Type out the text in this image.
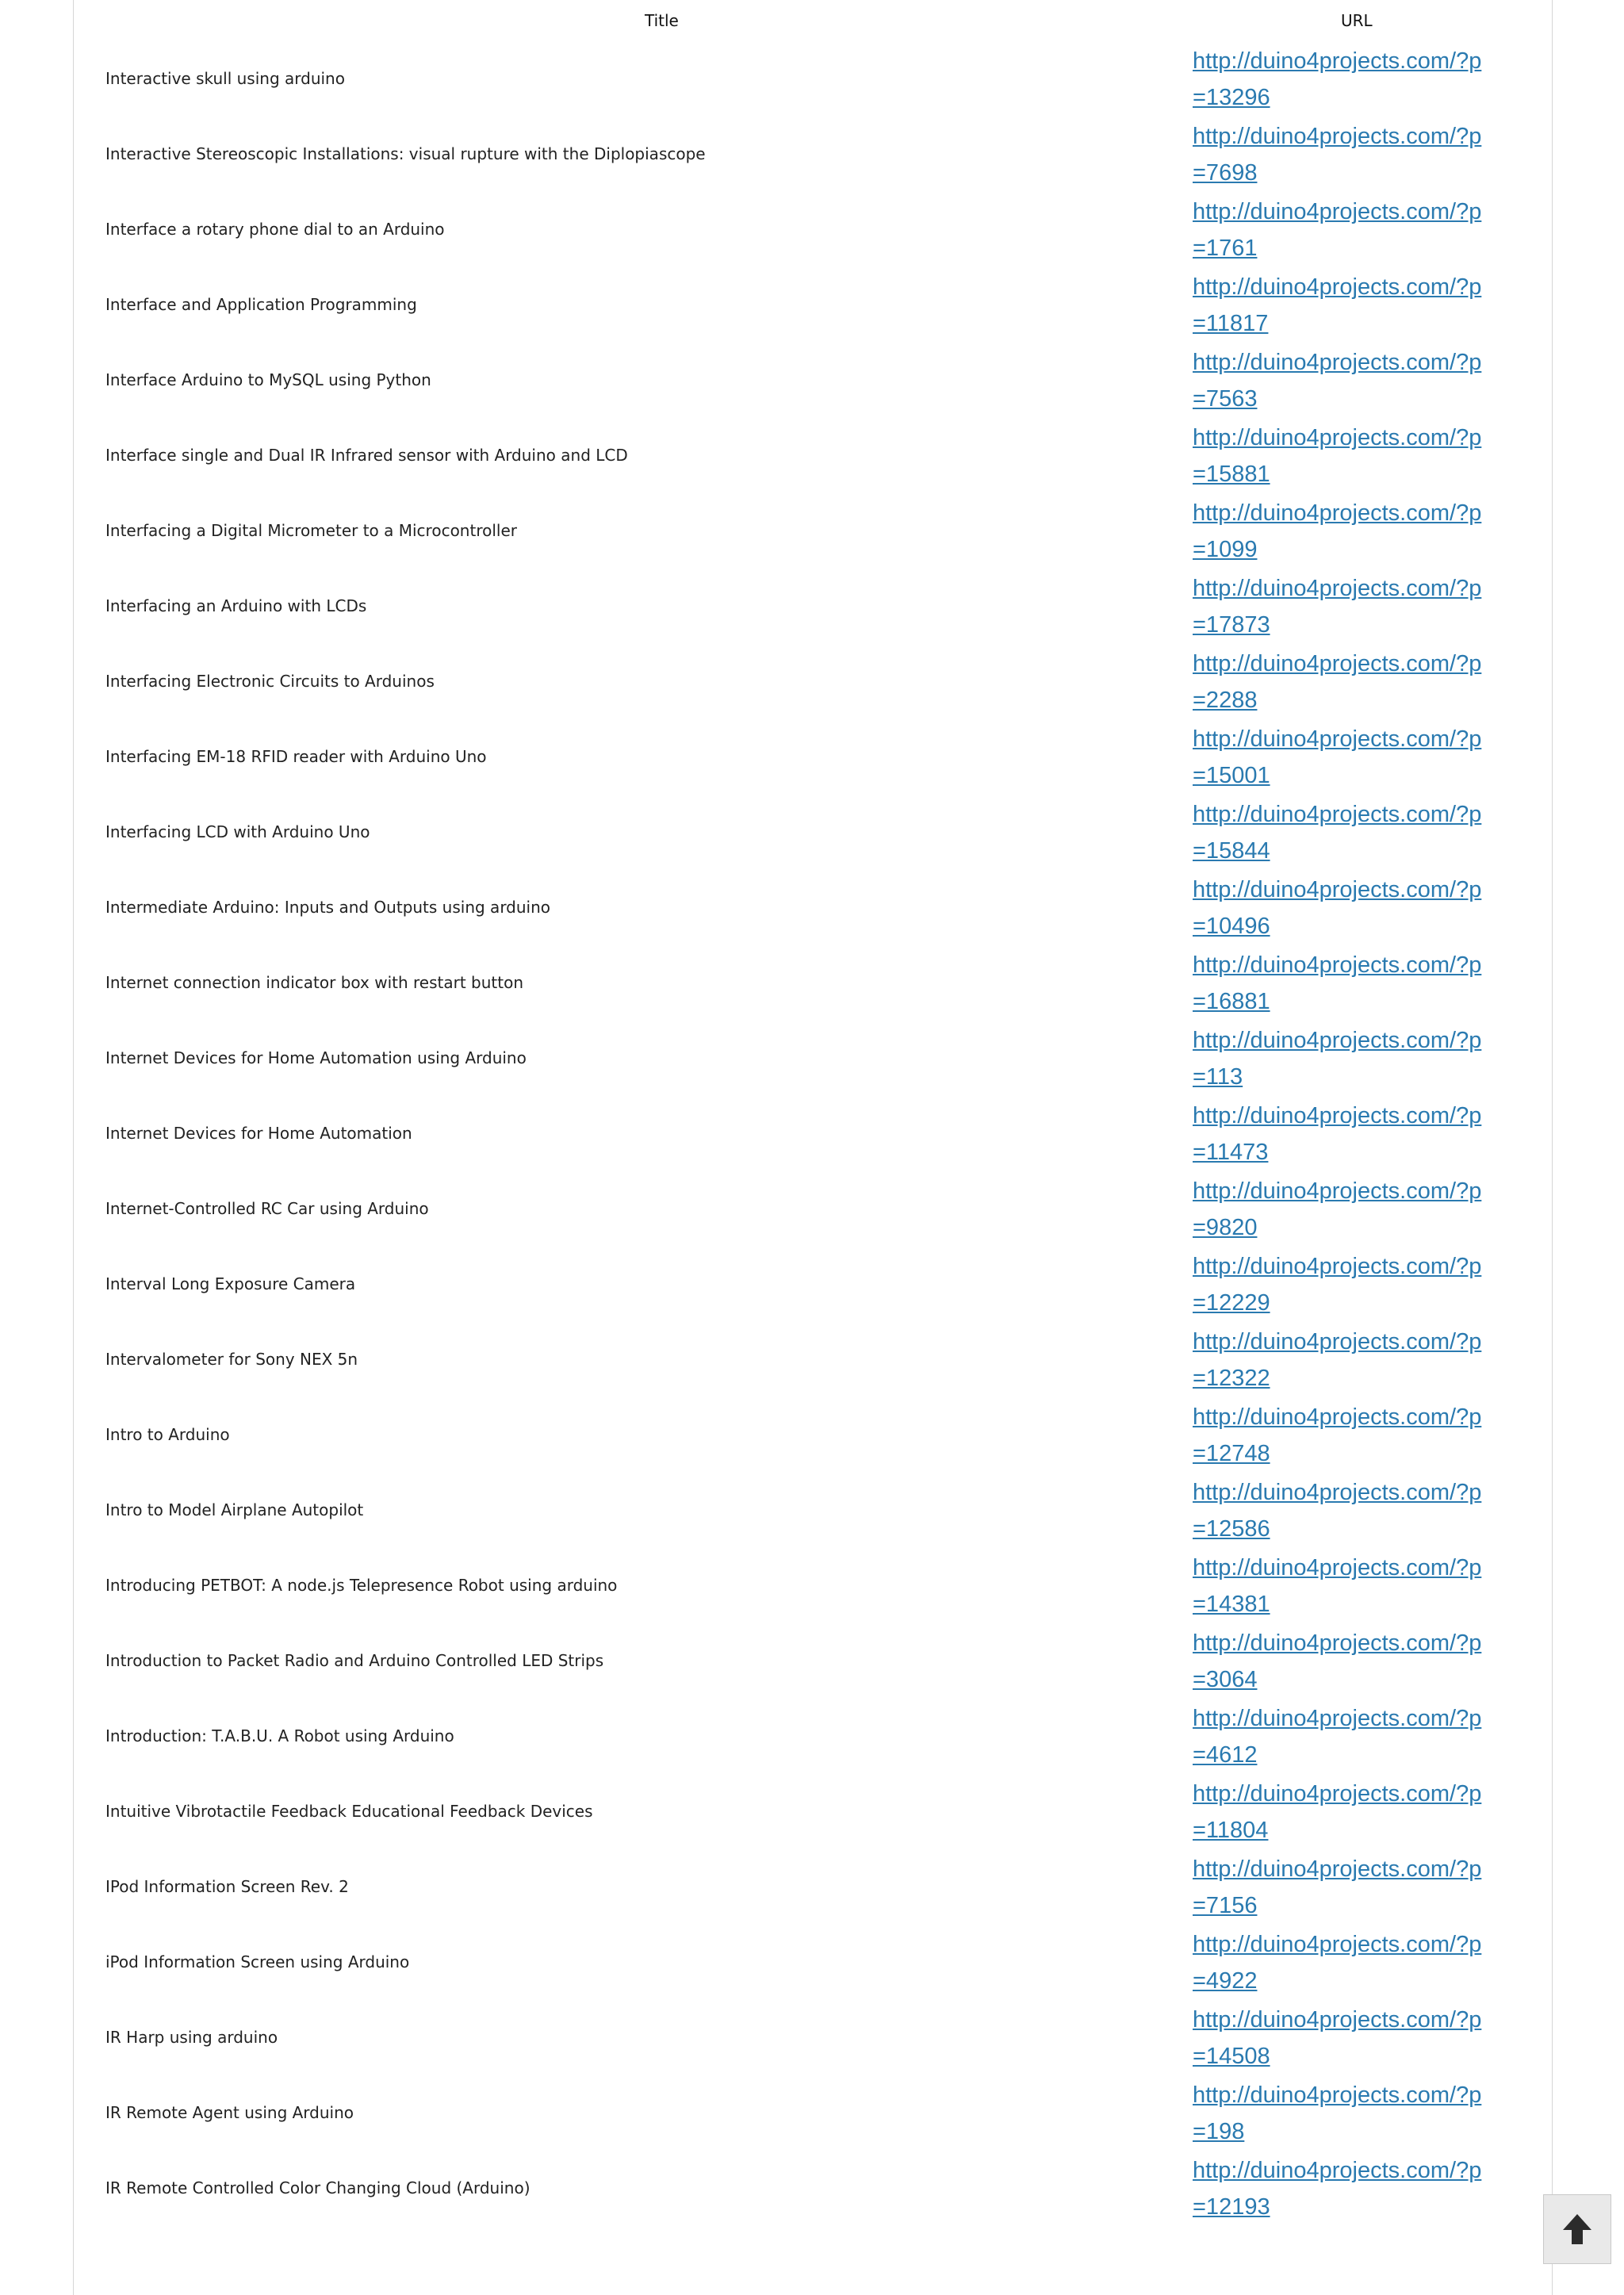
Title	URL
Interactive skull using arduino
http://duino4projects.com/?p=13296
Interactive Stereoscopic Installations: visual rupture with the Diplopiascope
http://duino4projects.com/?p=7698
Interface a rotary phone dial to an Arduino
http://duino4projects.com/?p=1761
Interface and Application Programming
http://duino4projects.com/?p=11817
Interface Arduino to MySQL using Python
http://duino4projects.com/?p=7563
Interface single and Dual IR Infrared sensor with Arduino and LCD
http://duino4projects.com/?p=15881
Interfacing a Digital Micrometer to a Microcontroller
http://duino4projects.com/?p=1099
Interfacing an Arduino with LCDs
http://duino4projects.com/?p=17873
Interfacing Electronic Circuits to Arduinos
http://duino4projects.com/?p=2288
Interfacing EM-18 RFID reader with Arduino Uno
http://duino4projects.com/?p=15001
Interfacing LCD with Arduino Uno
http://duino4projects.com/?p=15844
Intermediate Arduino: Inputs and Outputs using arduino
http://duino4projects.com/?p=10496
Internet connection indicator box with restart button
http://duino4projects.com/?p=16881
Internet Devices for Home Automation using Arduino
http://duino4projects.com/?p=113
Internet Devices for Home Automation
http://duino4projects.com/?p=11473
Internet-Controlled RC Car using Arduino
http://duino4projects.com/?p=9820
Interval Long Exposure Camera
http://duino4projects.com/?p=12229
Intervalometer for Sony NEX 5n
http://duino4projects.com/?p=12322
Intro to Arduino
http://duino4projects.com/?p=12748
Intro to Model Airplane Autopilot
http://duino4projects.com/?p=12586
Introducing PETBOT: A node.js Telepresence Robot using arduino
http://duino4projects.com/?p=14381
Introduction to Packet Radio and Arduino Controlled LED Strips
http://duino4projects.com/?p=3064
Introduction: T.A.B.U. A Robot using Arduino
http://duino4projects.com/?p=4612
Intuitive Vibrotactile Feedback Educational Feedback Devices
http://duino4projects.com/?p=11804
IPod Information Screen Rev. 2
http://duino4projects.com/?p=7156
iPod Information Screen using Arduino
http://duino4projects.com/?p=4922
IR Harp using arduino
http://duino4projects.com/?p=14508
IR Remote Agent using Arduino
http://duino4projects.com/?p=198
IR Remote Controlled Color Changing Cloud (Arduino)
http://duino4projects.com/?p=12193
